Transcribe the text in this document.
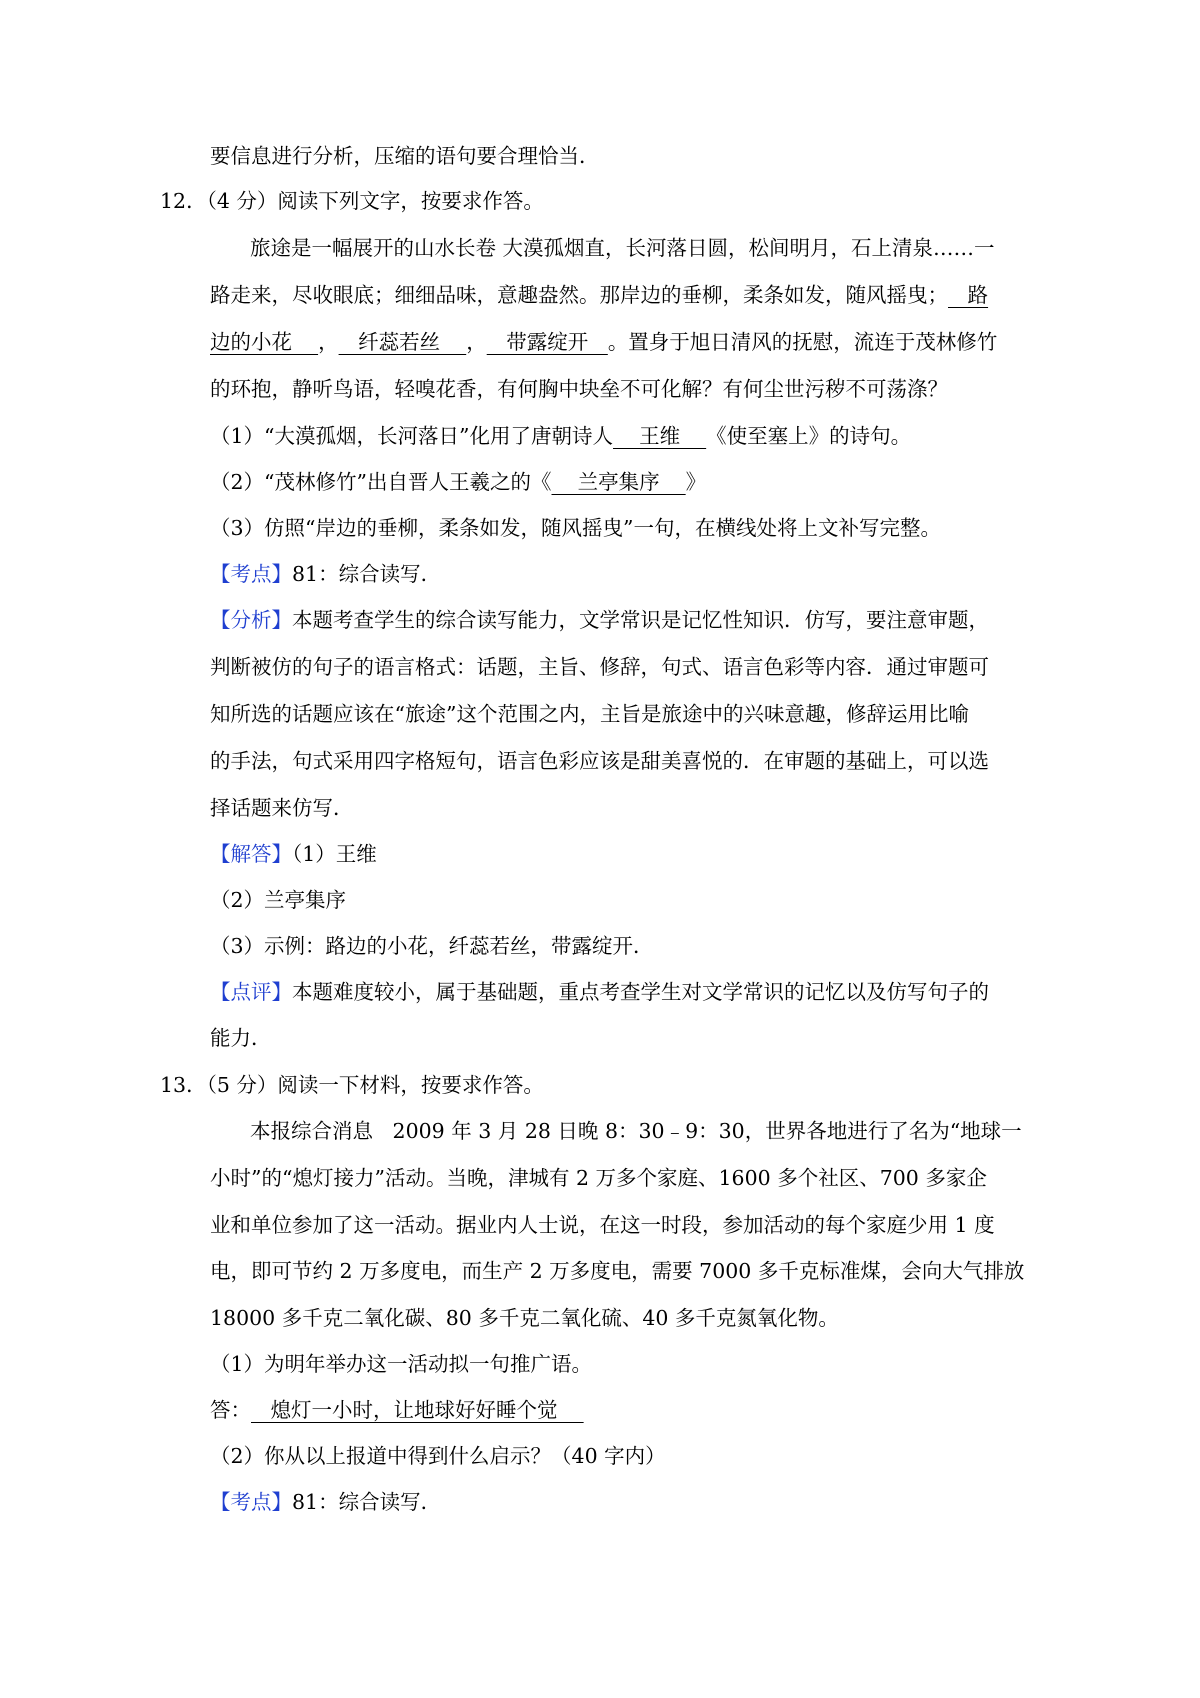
要信息进行分析，压缩的语句要合理恰当．
12．（4 分）阅读下列文字，按要求作答。
旅途是一幅展开的山水长卷 大漠孤烟直，长河落日圆，松间明月，石上清泉……一
路走来，尽收眼底；细细品味，意趣盎然。那岸边的垂柳，柔条如发，随风摇曳；   路
边的小花    ，   纤蕊若丝    ，   带露绽开   。置身于旭日清风的抚慰，流连于茂林修竹
的环抱，静听鸟语，轻嗅花香，有何胸中块垒不可化解？有何尘世污秽不可荡涤？
（1）“大漠孤烟，长河落日”化用了唐朝诗人    王维    《使至塞上》的诗句。
（2）“茂林修竹”出自晋人王羲之的《    兰亭集序    》
（3）仿照“岸边的垂柳，柔条如发，随风摇曳”一句，在横线处将上文补写完整。
【考点】81：综合读写．
【分析】本题考查学生的综合读写能力，文学常识是记忆性知识．仿写，要注意审题，
判断被仿的句子的语言格式：话题，主旨、修辞，句式、语言色彩等内容．通过审题可
知所选的话题应该在“旅途”这个范围之内，主旨是旅途中的兴味意趣，修辞运用比喻
的手法，句式采用四字格短句，语言色彩应该是甜美喜悦的．在审题的基础上，可以选
择话题来仿写．
【解答】（1）王维
（2）兰亭集序
（3）示例：路边的小花，纤蕊若丝，带露绽开．
【点评】本题难度较小，属于基础题，重点考查学生对文学常识的记忆以及仿写句子的
能力．
13．（5 分）阅读一下材料，按要求作答。
本报综合消息   2009 年 3 月 28 日晚 8：30﹣9：30，世界各地进行了名为“地球一
小时”的“熄灯接力”活动。当晚，津城有 2 万多个家庭、1600 多个社区、700 多家企
业和单位参加了这一活动。据业内人士说，在这一时段，参加活动的每个家庭少用 1 度
电，即可节约 2 万多度电，而生产 2 万多度电，需要 7000 多千克标准煤，会向大气排放
18000 多千克二氧化碳、80 多千克二氧化硫、40 多千克氮氧化物。
（1）为明年举办这一活动拟一句推广语。
答：   熄灯一小时，让地球好好睡个觉
（2）你从以上报道中得到什么启示？（40 字内）
【考点】81：综合读写．
